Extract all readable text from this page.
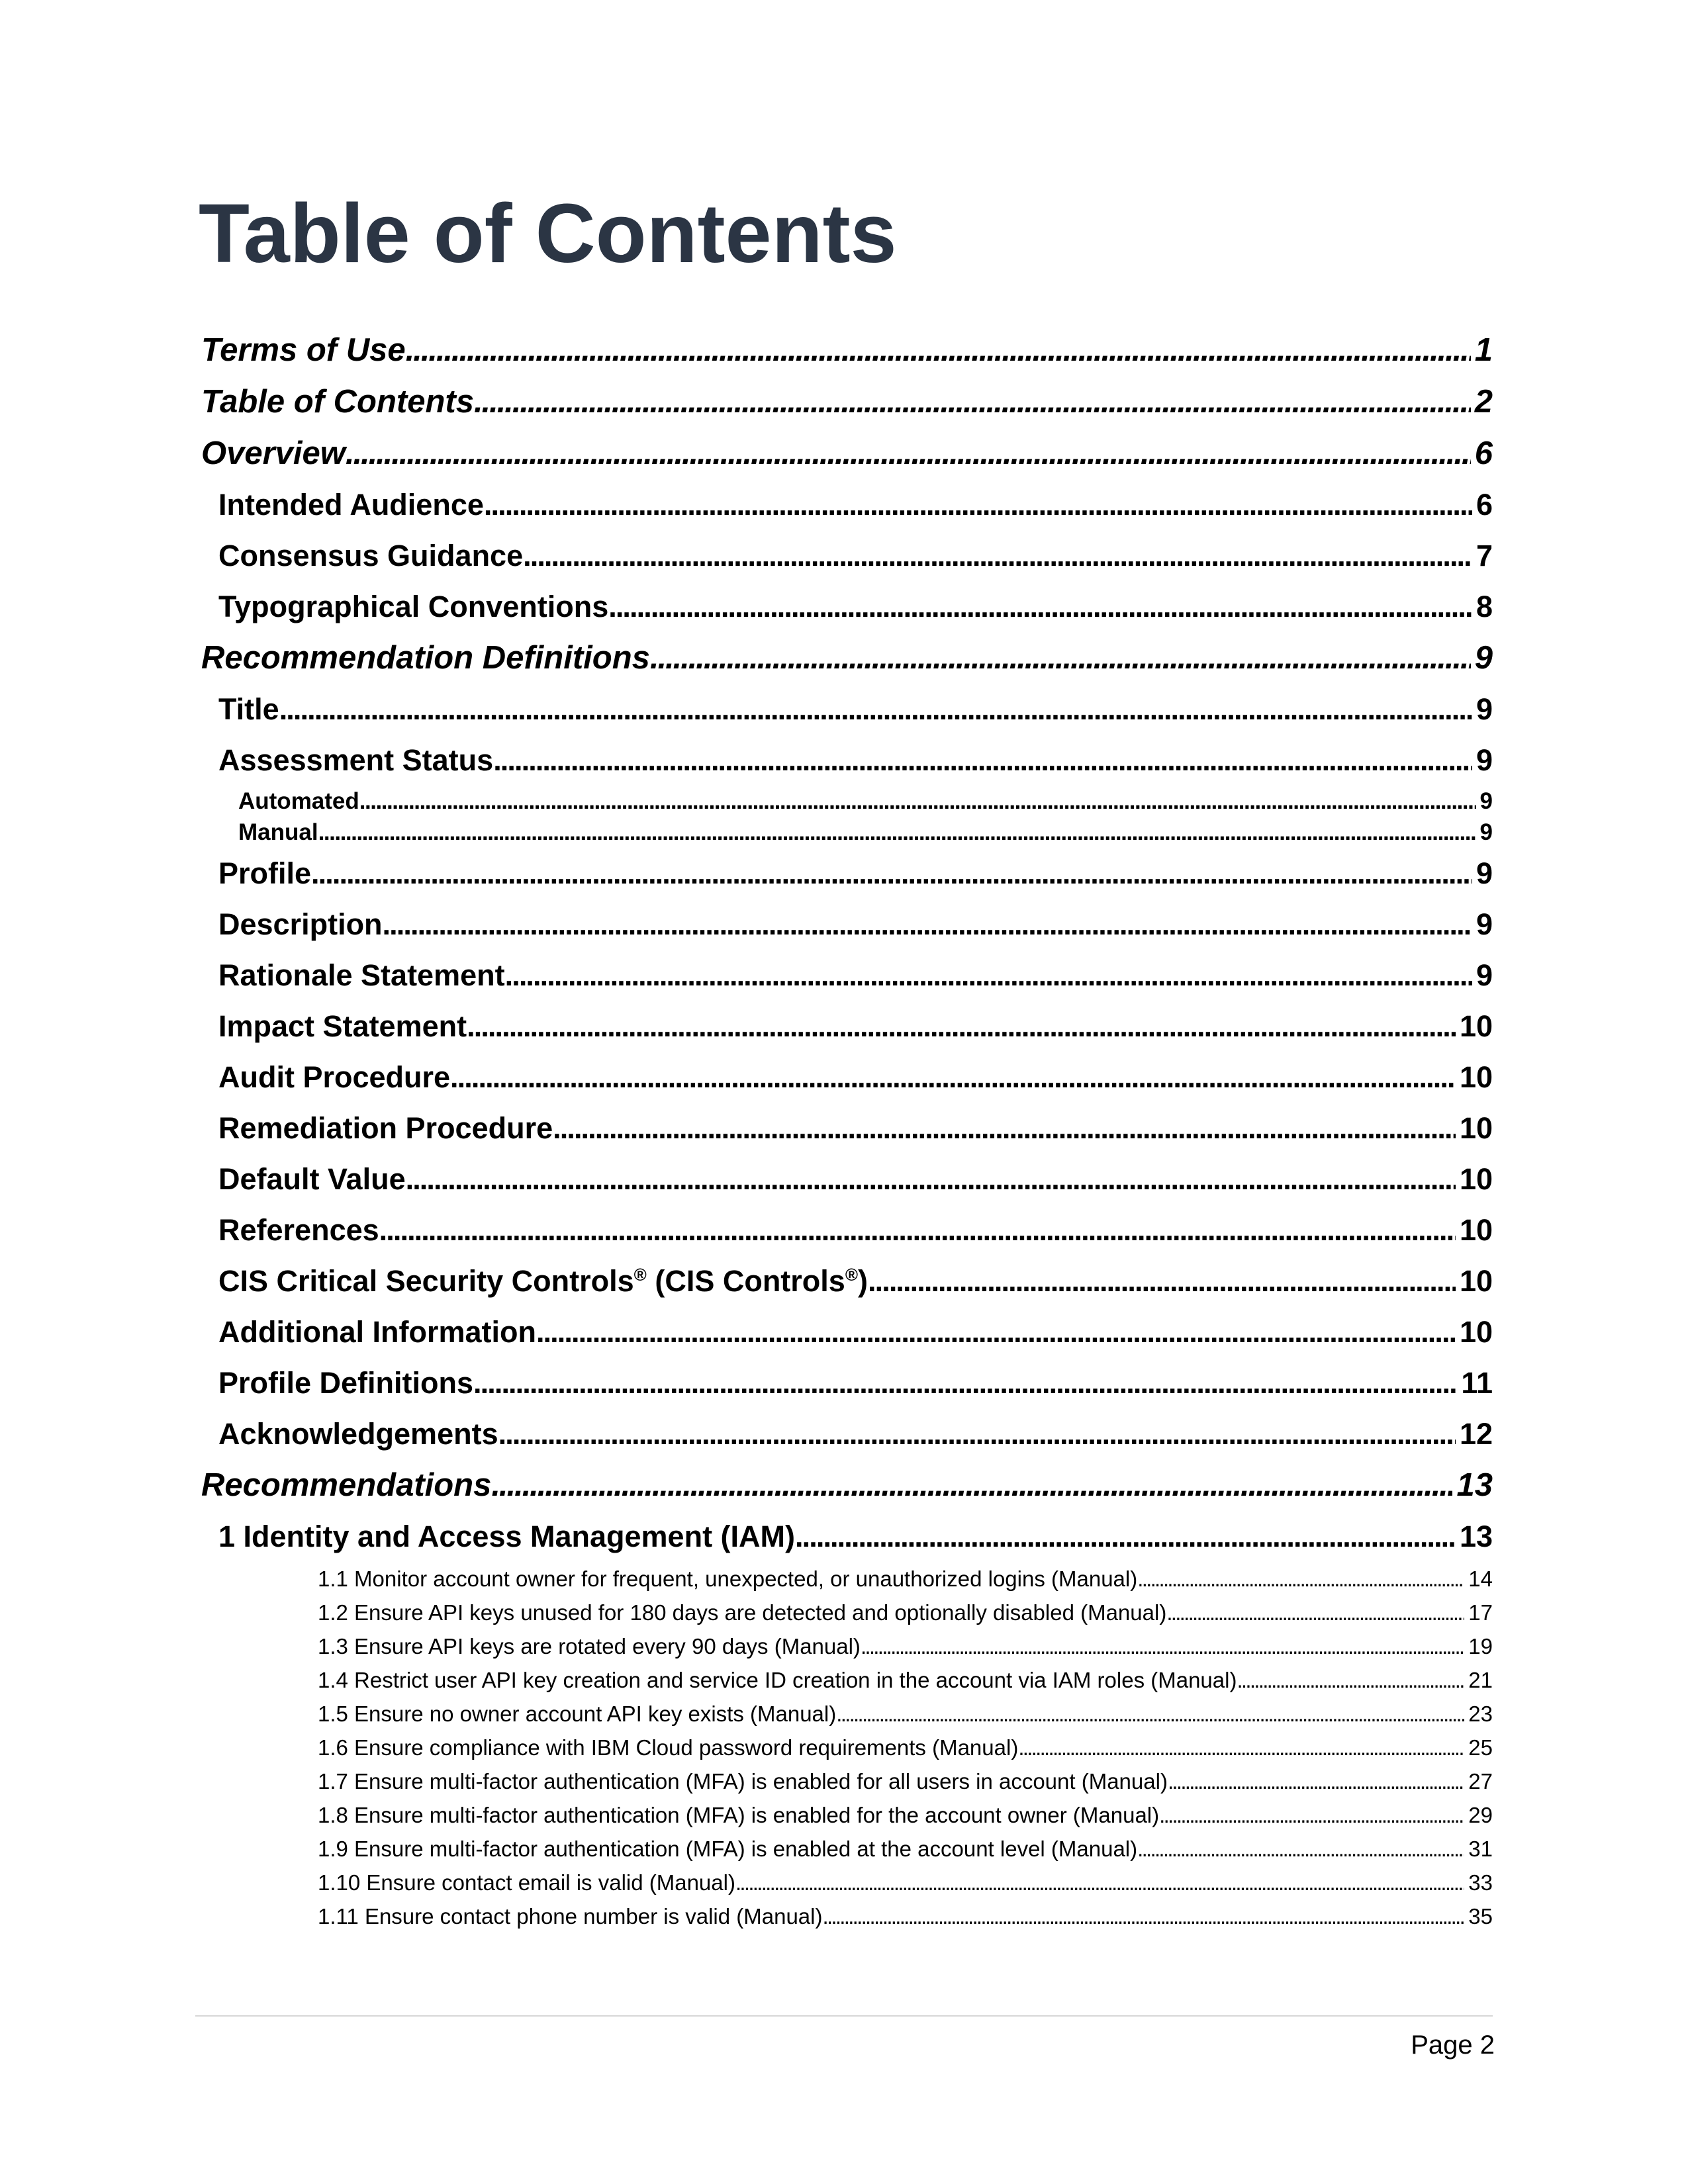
Table of Contents
Terms of Use . . .	1
Table of Contents . . .	2
Overview . . .	6
Intended Audience . . .	6
Consensus Guidance . . .	7
Typographical Conventions . . .	8
Recommendation Definitions . . .	9
Title . . .	9
Assessment Status . . .	9
Automated . . .	9
Manual . . .	9
Profile . . .	9
Description . . .	9
Rationale Statement . . .	9
Impact Statement . . .	10
Audit Procedure . . .	10
Remediation Procedure . . .	10
Default Value . . .	10
References . . .	10
CIS Critical Security Controls® (CIS Controls®) . . .	10
Additional Information . . .	10
Profile Definitions . . .	11
Acknowledgements . . .	12
Recommendations . . .	13
1 Identity and Access Management (IAM) . . .	13
1.1 Monitor account owner for frequent, unexpected, or unauthorized logins (Manual) . . .	14
1.2 Ensure API keys unused for 180 days are detected and optionally disabled (Manual) . . .	17
1.3 Ensure API keys are rotated every 90 days (Manual) . . .	19
1.4 Restrict user API key creation and service ID creation in the account via IAM roles (Manual) . . .	21
1.5 Ensure no owner account API key exists (Manual) . . .	23
1.6 Ensure compliance with IBM Cloud password requirements (Manual) . . .	25
1.7 Ensure multi-factor authentication (MFA) is enabled for all users in account (Manual) . . .	27
1.8 Ensure multi-factor authentication (MFA) is enabled for the account owner (Manual) . . .	29
1.9 Ensure multi-factor authentication (MFA) is enabled at the account level (Manual) . . .	31
1.10 Ensure contact email is valid (Manual) . . .	33
1.11 Ensure contact phone number is valid (Manual) . . .	35
Page 2
